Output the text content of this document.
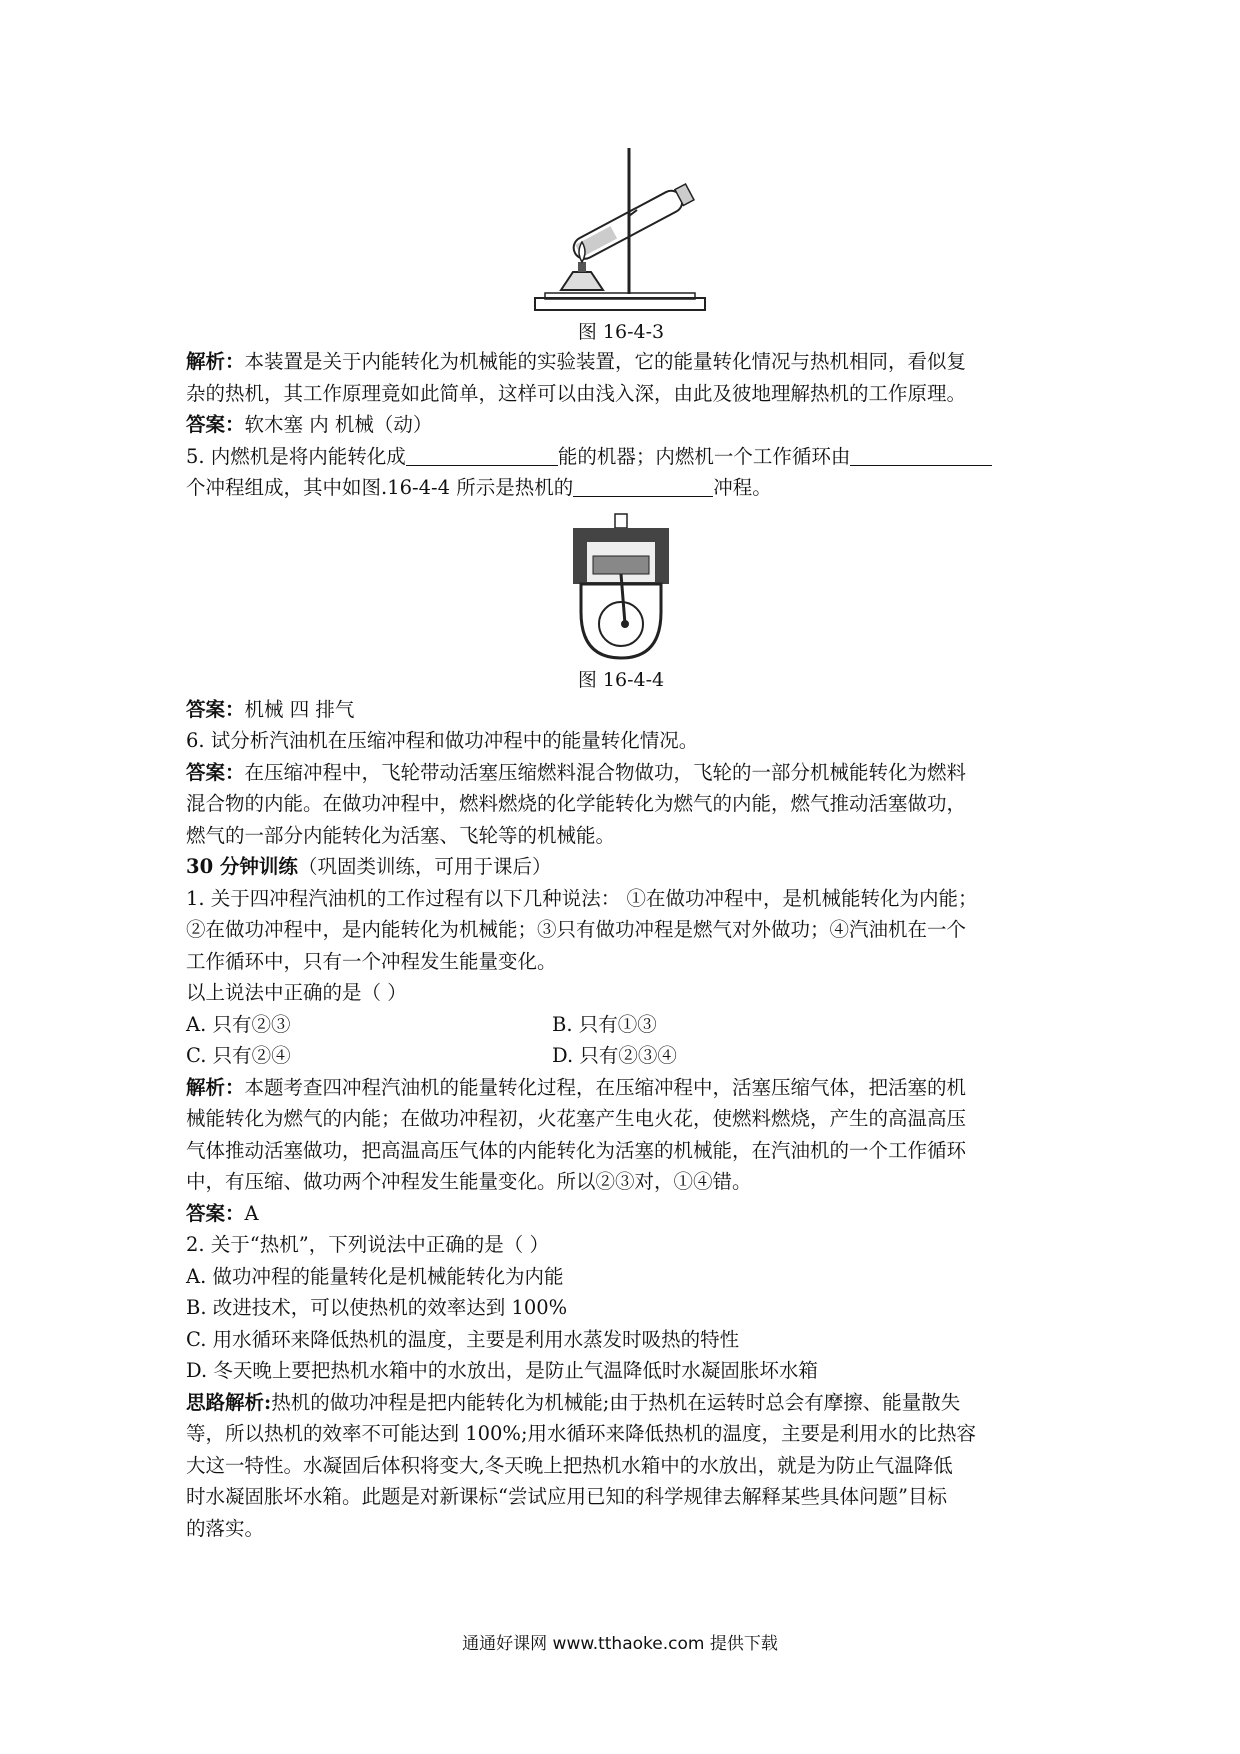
图 16-4-3
解析：本装置是关于内能转化为机械能的实验装置，它的能量转化情况与热机相同，看似复
杂的热机，其工作原理竟如此简单，这样可以由浅入深，由此及彼地理解热机的工作原理。
答案：软木塞 内 机械（动）
5. 内燃机是将内能转化成	能的机器；内燃机一个工作循环由
个冲程组成，其中如图.16-4-4 所示是热机的	冲程。
图 16-4-4
答案：机械 四 排气
6. 试分析汽油机在压缩冲程和做功冲程中的能量转化情况。
答案：在压缩冲程中，飞轮带动活塞压缩燃料混合物做功，飞轮的一部分机械能转化为燃料
混合物的内能。在做功冲程中，燃料燃烧的化学能转化为燃气的内能，燃气推动活塞做功，
燃气的一部分内能转化为活塞、飞轮等的机械能。
30 分钟训练（巩固类训练，可用于课后）
1. 关于四冲程汽油机的工作过程有以下几种说法： ①在做功冲程中，是机械能转化为内能；
②在做功冲程中，是内能转化为机械能；③只有做功冲程是燃气对外做功；④汽油机在一个
工作循环中，只有一个冲程发生能量变化。
以上说法中正确的是（ ）
A. 只有②③	B. 只有①③
C. 只有②④	D. 只有②③④
解析：本题考查四冲程汽油机的能量转化过程，在压缩冲程中，活塞压缩气体，把活塞的机
械能转化为燃气的内能；在做功冲程初，火花塞产生电火花，使燃料燃烧，产生的高温高压
气体推动活塞做功，把高温高压气体的内能转化为活塞的机械能，在汽油机的一个工作循环
中，有压缩、做功两个冲程发生能量变化。所以②③对，①④错。
答案：A
2. 关于“热机”，下列说法中正确的是（ ）
A. 做功冲程的能量转化是机械能转化为内能
B. 改进技术，可以使热机的效率达到 100%
C. 用水循环来降低热机的温度，主要是利用水蒸发时吸热的特性
D. 冬天晚上要把热机水箱中的水放出，是防止气温降低时水凝固胀坏水箱
思路解析:热机的做功冲程是把内能转化为机械能;由于热机在运转时总会有摩擦、能量散失
等，所以热机的效率不可能达到 100%;用水循环来降低热机的温度，主要是利用水的比热容
大这一特性。水凝固后体积将变大,冬天晚上把热机水箱中的水放出，就是为防止气温降低
时水凝固胀坏水箱。此题是对新课标“尝试应用已知的科学规律去解释某些具体问题”目标
的落实。
通通好课网 www.tthaoke.com 提供下载
